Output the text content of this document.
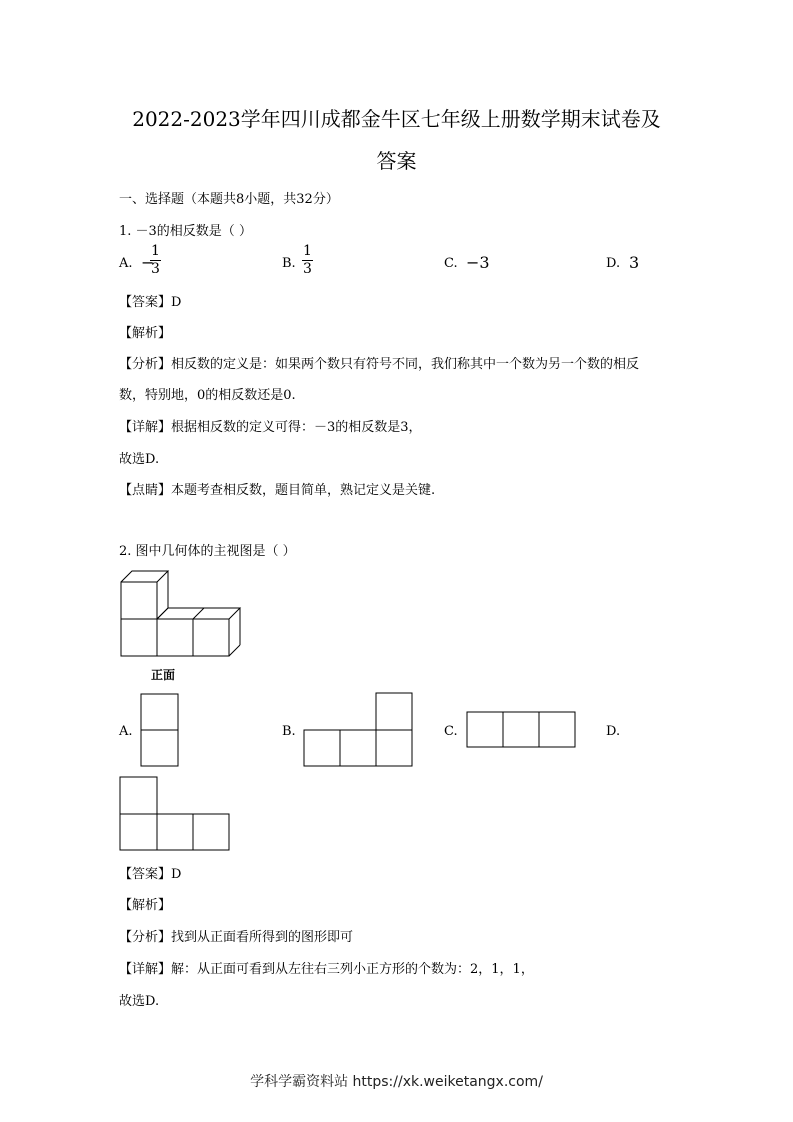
2022-2023学年四川成都金牛区七年级上册数学期末试卷及
答案
一、选择题（本题共8小题，共32分）
1. －3的相反数是（ ）
A. −
$\frac{1}{3}$	B. $\frac{1}{3}$	C. −3	D. 3
【答案】D
【解析】
【分析】相反数的定义是：如果两个数只有符号不同，我们称其中一个数为另一个数的相反
数，特别地，0的相反数还是0.
【详解】根据相反数的定义可得：－3的相反数是3，
故选D.
【点睛】本题考查相反数，题目简单，熟记定义是关键.
2. 图中几何体的主视图是（ ）
正面
A.	B.	C.	D.
【答案】D
【解析】
【分析】找到从正面看所得到的图形即可
【详解】解：从正面可看到从左往右三列小正方形的个数为：2，1，1，
故选D.
学科学霸资料站 https://xk.weiketangx.com/
